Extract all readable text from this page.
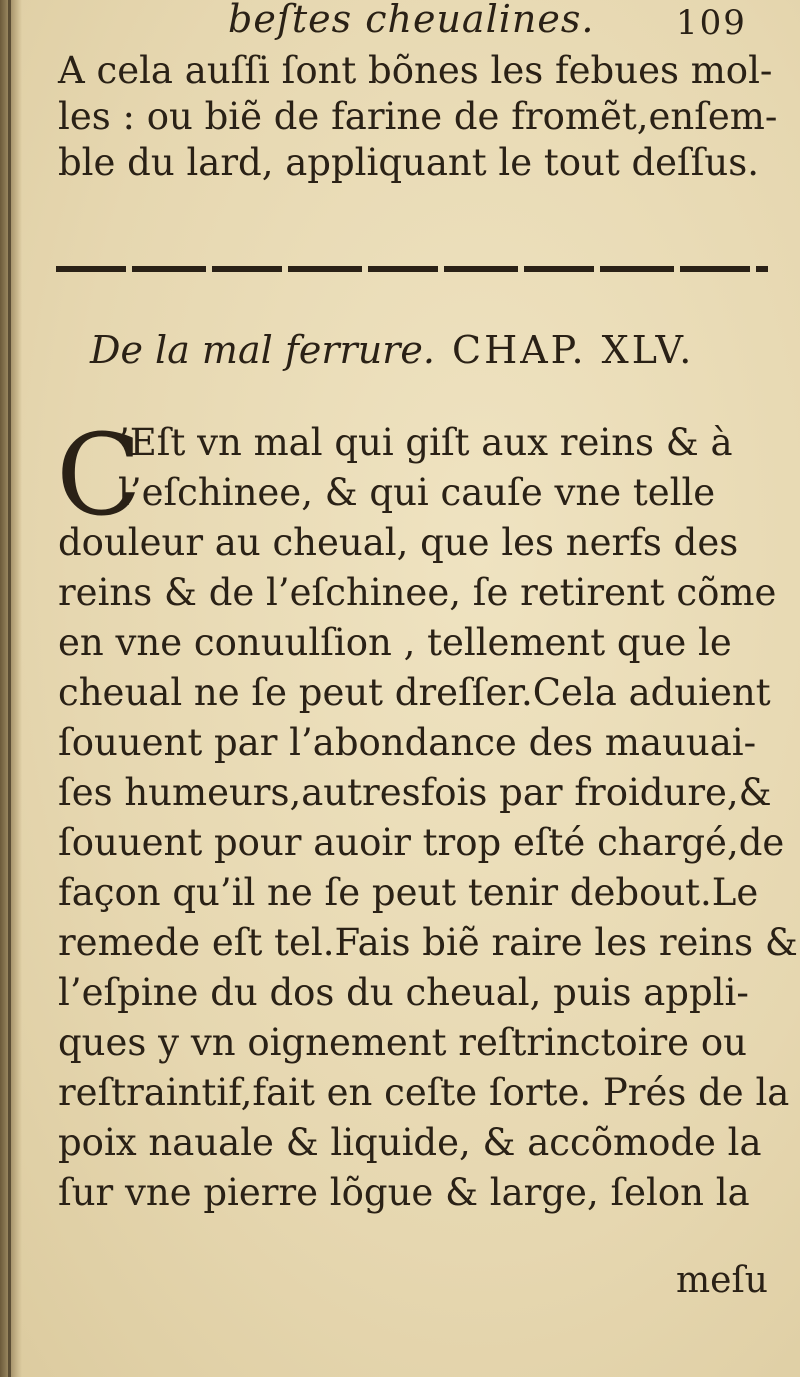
beſtes cheualines. 109
A cela auſſi ſont bõnes les febues mol-
les : ou biẽ de farine de fromẽt,enſem-
ble du lard, appliquant le tout deſſus.
De la mal ferrure. CHAP. XLV.
C
’Eſt vn mal qui giſt aux reins & à
l’eſchinee, & qui cauſe vne telle
douleur au cheual, que les nerfs des
reins & de l’eſchinee, ſe retirent cõme
en vne conuulſion , tellement que le
cheual ne ſe peut dreſſer.Cela aduient
ſouuent par l’abondance des mauuai-
ſes humeurs,autresfois par froidure,&
ſouuent pour auoir trop eſté chargé,de
façon qu’il ne ſe peut tenir debout.Le
remede eſt tel.Fais biẽ raire les reins &
l’eſpine du dos du cheual, puis appli-
ques y vn oignement reſtrinctoire ou
reſtraintif,fait en ceſte ſorte. Prés de la
poix nauale & liquide, & accõmode la
ſur vne pierre lõgue & large, ſelon la
meſu
